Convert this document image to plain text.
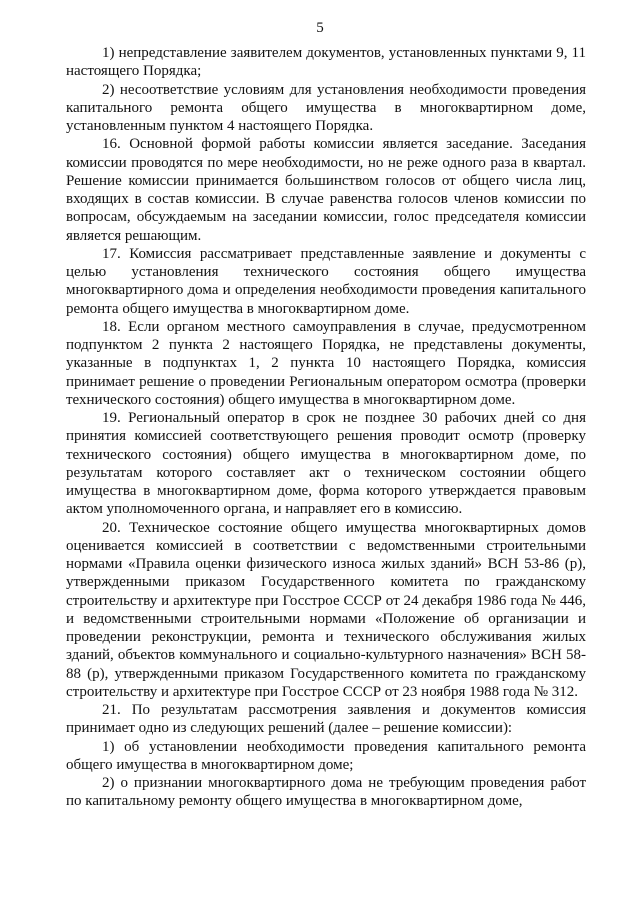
5

1) непредставление заявителем документов, установленных пунктами 9, 11 настоящего Порядка;

2) несоответствие условиям для установления необходимости проведения капитального ремонта общего имущества в многоквартирном доме, установленным пунктом 4 настоящего Порядка.

16. Основной формой работы комиссии является заседание. Заседания комиссии проводятся по мере необходимости, но не реже одного раза в квартал. Решение комиссии принимается большинством голосов от общего числа лиц, входящих в состав комиссии. В случае равенства голосов членов комиссии по вопросам, обсуждаемым на заседании комиссии, голос председателя комиссии является решающим.

17. Комиссия рассматривает представленные заявление и документы с целью установления технического состояния общего имущества многоквартирного дома и определения необходимости проведения капитального ремонта общего имущества в многоквартирном доме.

18. Если органом местного самоуправления в случае, предусмотренном подпунктом 2 пункта 2 настоящего Порядка, не представлены документы, указанные в подпунктах 1, 2 пункта 10 настоящего Порядка, комиссия принимает решение о проведении Региональным оператором осмотра (проверки технического состояния) общего имущества в многоквартирном доме.

19. Региональный оператор в срок не позднее 30 рабочих дней со дня принятия комиссией соответствующего решения проводит осмотр (проверку технического состояния) общего имущества в многоквартирном доме, по результатам которого составляет акт о техническом состоянии общего имущества в многоквартирном доме, форма которого утверждается правовым актом уполномоченного органа, и направляет его в комиссию.

20. Техническое состояние общего имущества многоквартирных домов оценивается комиссией в соответствии с ведомственными строительными нормами «Правила оценки физического износа жилых зданий» ВСН 53-86 (р), утвержденными приказом Государственного комитета по гражданскому строительству и архитектуре при Госстрое СССР от 24 декабря 1986 года № 446, и ведомственными строительными нормами «Положение об организации и проведении реконструкции, ремонта и технического обслуживания жилых зданий, объектов коммунального и социально-культурного назначения» ВСН 58-88 (р), утвержденными приказом Государственного комитета по гражданскому строительству и архитектуре при Госстрое СССР от 23 ноября 1988 года № 312.

21. По результатам рассмотрения заявления и документов комиссия принимает одно из следующих решений (далее – решение комиссии):

1) об установлении необходимости проведения капитального ремонта общего имущества в многоквартирном доме;

2) о признании многоквартирного дома не требующим проведения работ по капитальному ремонту общего имущества в многоквартирном доме,
